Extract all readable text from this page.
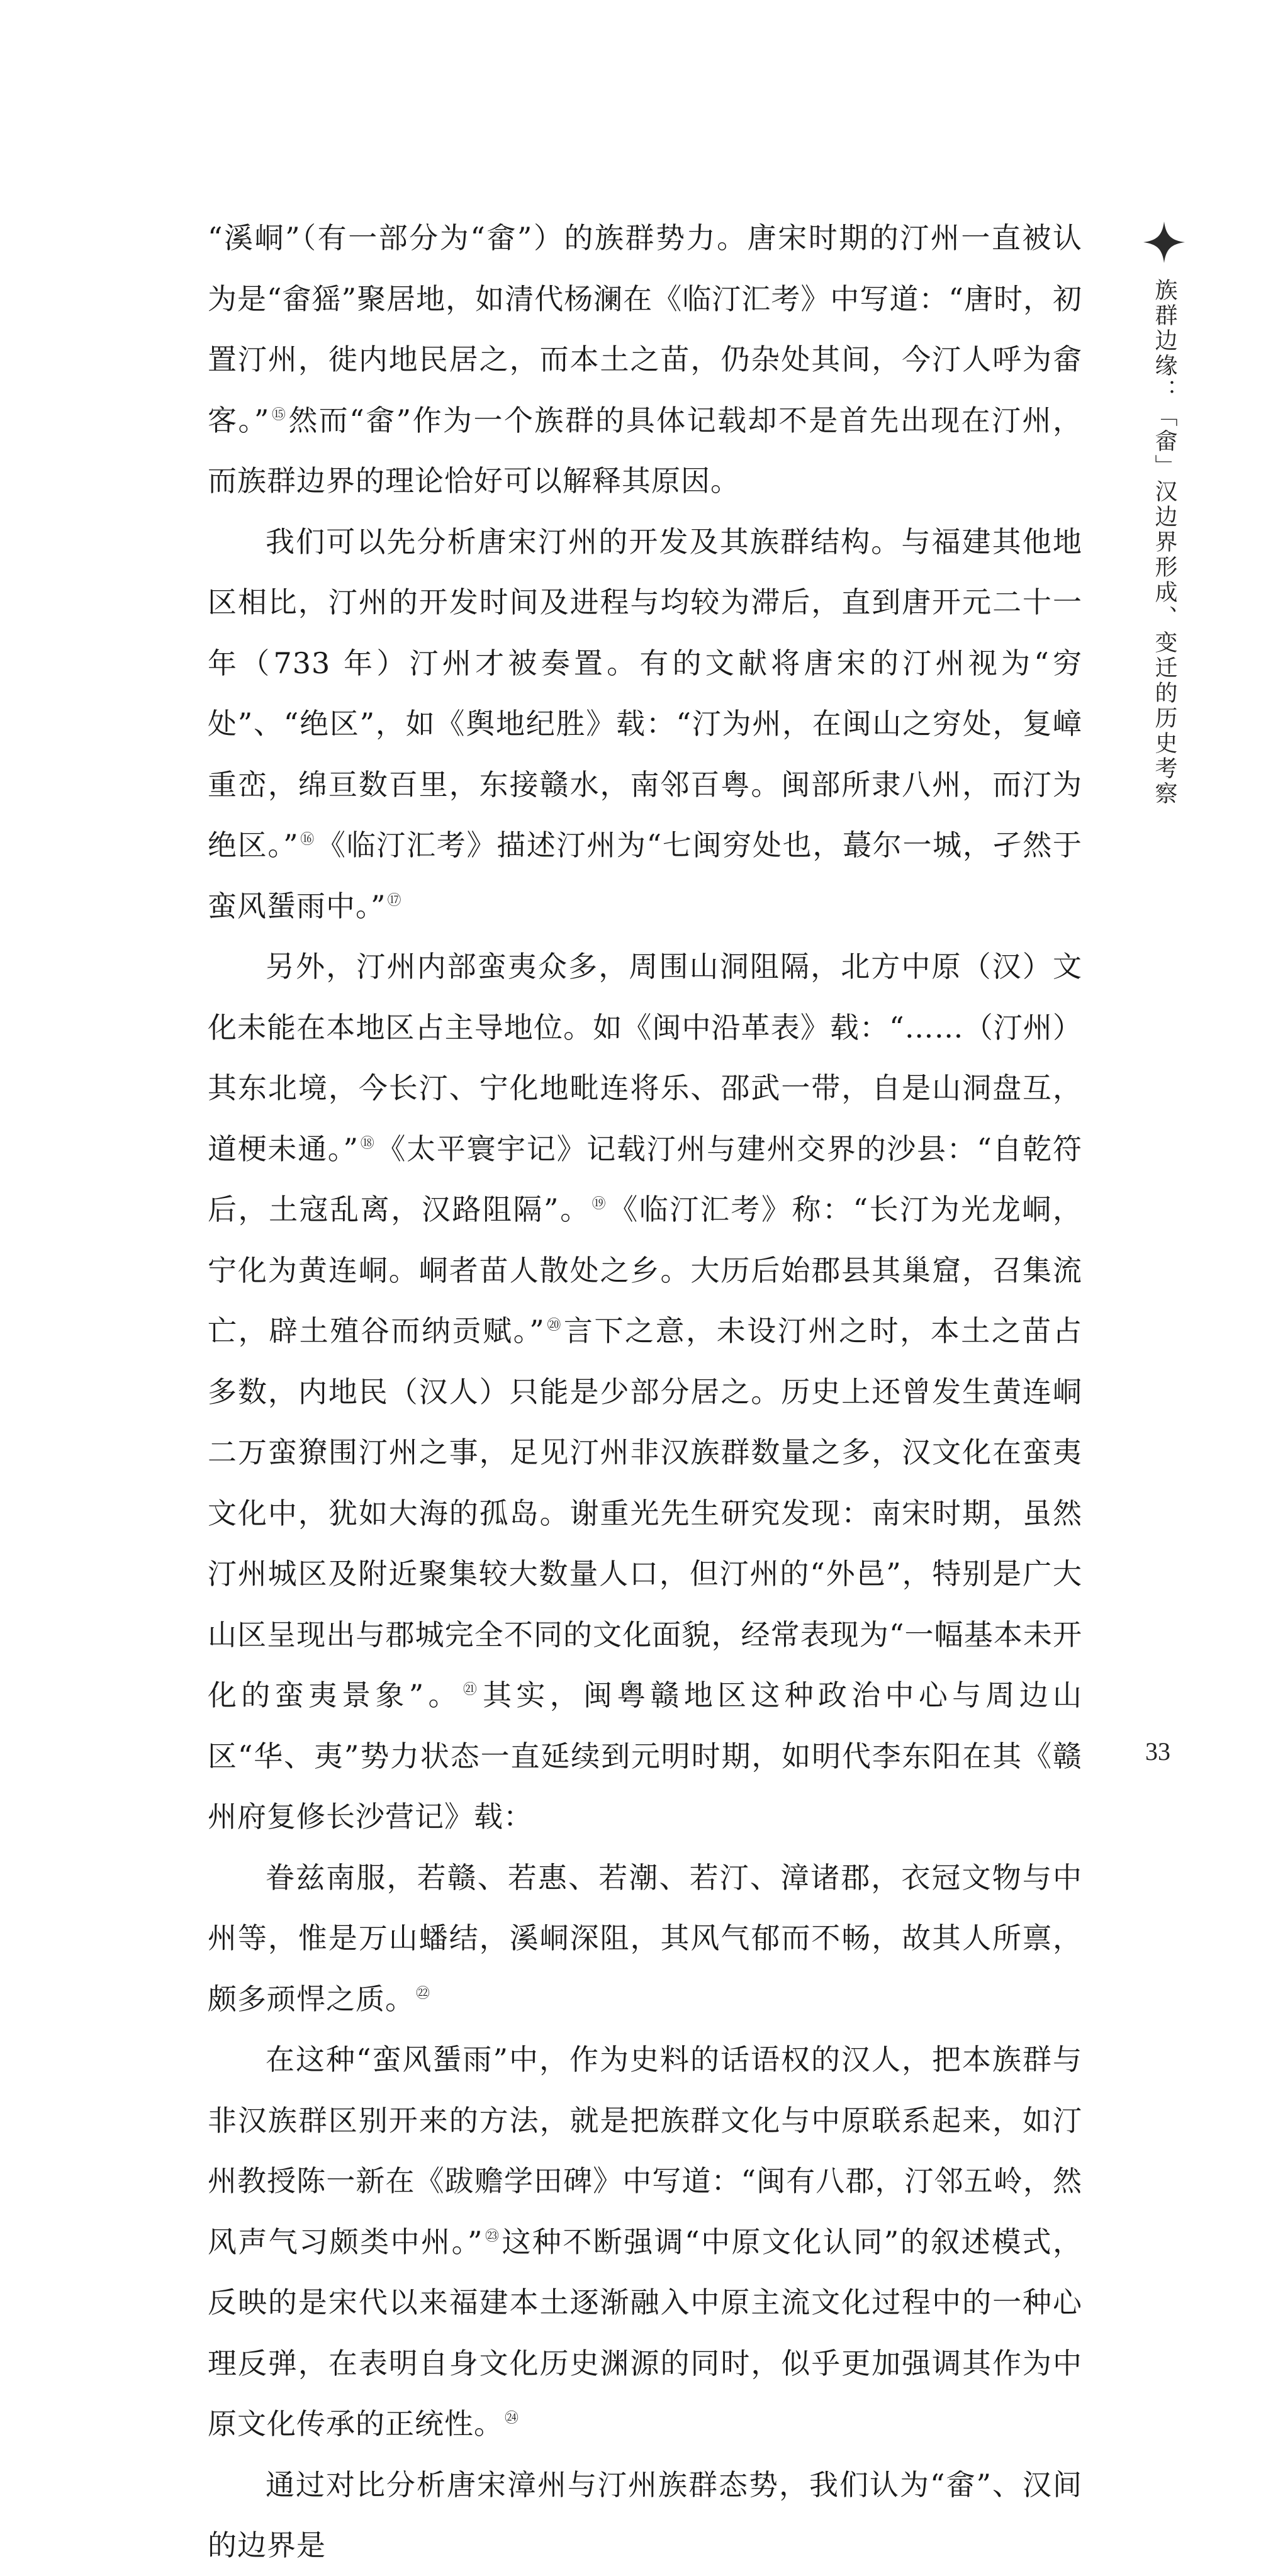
“溪峒”（有一部分为“畲”）的族群势力。唐宋时期的汀州一直被认为是“畲猺”聚居地，如清代杨澜在《临汀汇考》中写道：“唐时，初置汀州，徙内地民居之，而本土之苗，仍杂处其间，今汀人呼为畲客。”⑮然而“畲”作为一个族群的具体记载却不是首先出现在汀州，而族群边界的理论恰好可以解释其原因。

我们可以先分析唐宋汀州的开发及其族群结构。与福建其他地区相比，汀州的开发时间及进程与均较为滞后，直到唐开元二十一年（733 年）汀州才被奏置。有的文献将唐宋的汀州视为“穷处”、“绝区”，如《舆地纪胜》载：“汀为州，在闽山之穷处，复嶂重峦，绵亘数百里，东接赣水，南邻百粤。闽部所隶八州，而汀为绝区。”⑯《临汀汇考》描述汀州为“七闽穷处也，蕞尔一城，孑然于蛮风蜑雨中。”⑰

另外，汀州内部蛮夷众多，周围山洞阻隔，北方中原（汉）文化未能在本地区占主导地位。如《闽中沿革表》载：“……（汀州）其东北境，今长汀、宁化地毗连将乐、邵武一带，自是山洞盘互，道梗未通。”⑱《太平寰宇记》记载汀州与建州交界的沙县：“自乾符后，土寇乱离，汉路阻隔”。⑲《临汀汇考》称：“长汀为光龙峒，宁化为黄连峒。峒者苗人散处之乡。大历后始郡县其巢窟，召集流亡，辟土殖谷而纳贡赋。”⑳言下之意，未设汀州之时，本土之苗占多数，内地民（汉人）只能是少部分居之。历史上还曾发生黄连峒二万蛮獠围汀州之事，足见汀州非汉族群数量之多，汉文化在蛮夷文化中，犹如大海的孤岛。谢重光先生研究发现：南宋时期，虽然汀州城区及附近聚集较大数量人口，但汀州的“外邑”，特别是广大山区呈现出与郡城完全不同的文化面貌，经常表现为“一幅基本未开化的蛮夷景象”。$^㉑$其实，闽粤赣地区这种政治中心与周边山区“华、夷”势力状态一直延续到元明时期，如明代李东阳在其《赣州府复修长沙营记》载：

眷兹南服，若赣、若惠、若潮、若汀、漳诸郡，衣冠文物与中州等，惟是万山蟠结，溪峒深阻，其风气郁而不畅，故其人所禀，颇多顽悍之质。$^㉒$

在这种“蛮风蜑雨”中，作为史料的话语权的汉人，把本族群与非汉族群区别开来的方法，就是把族群文化与中原联系起来，如汀州教授陈一新在《跋赡学田碑》中写道：“闽有八郡，汀邻五岭，然风声气习颇类中州。”$^㉓$这种不断强调“中原文化认同”的叙述模式，反映的是宋代以来福建本土逐渐融入中原主流文化过程中的一种心理反弹，在表明自身文化历史渊源的同时，似乎更加强调其作为中原文化传承的正统性。$^㉔$

通过对比分析唐宋漳州与汀州族群态势，我们认为“畲”、汉间的边界是

族群边缘：「畲」汉边界形成、变迁的历史考察
33
